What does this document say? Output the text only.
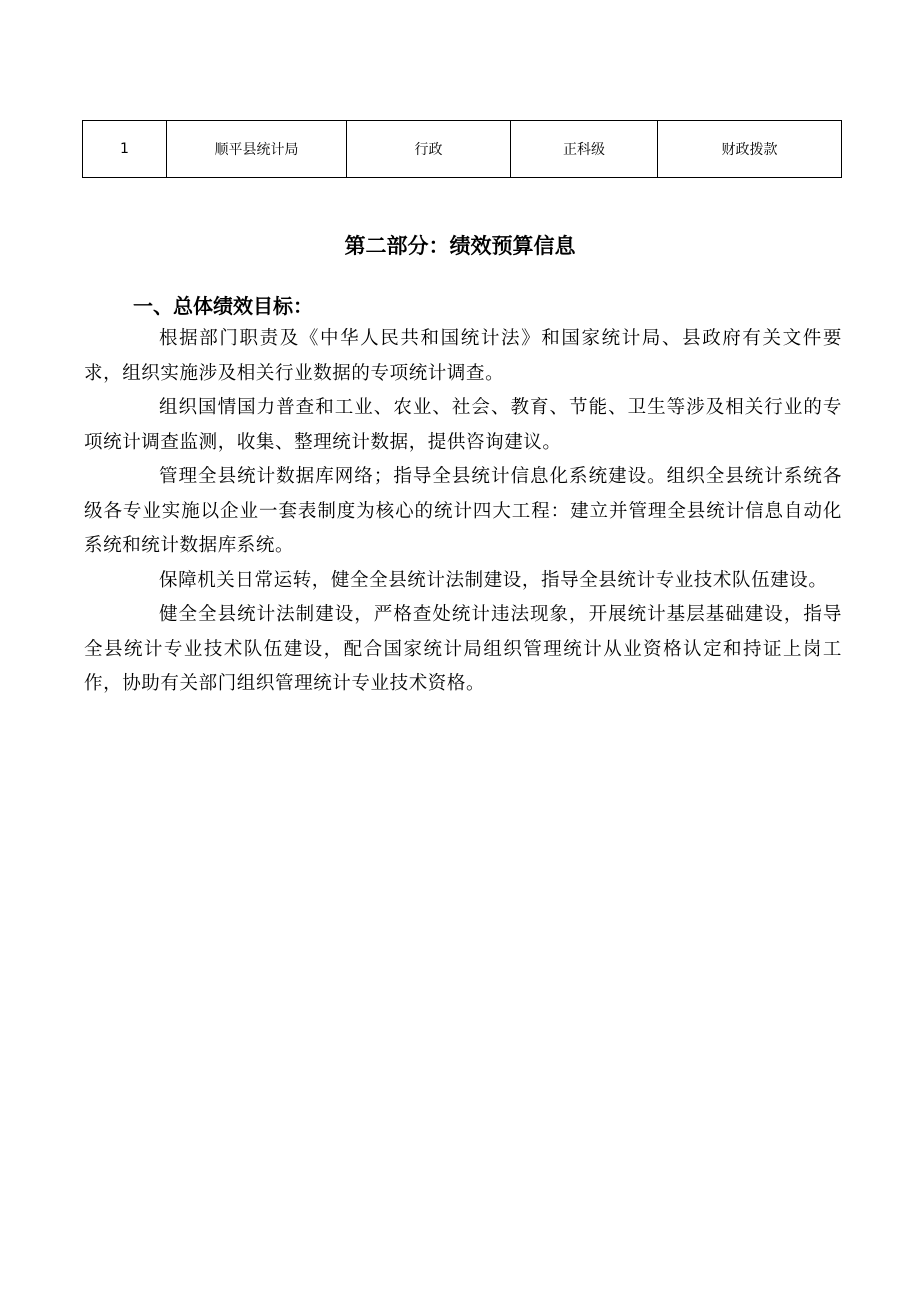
1	顺平县统计局	行政	正科级	财政拨款
第二部分：绩效预算信息
一、总体绩效目标：

根据部门职责及《中华人民共和国统计法》和国家统计局、县政府有关文件要求，组织实施涉及相关行业数据的专项统计调查。

组织国情国力普查和工业、农业、社会、教育、节能、卫生等涉及相关行业的专项统计调查监测，收集、整理统计数据，提供咨询建议。

管理全县统计数据库网络；指导全县统计信息化系统建设。组织全县统计系统各级各专业实施以企业一套表制度为核心的统计四大工程：建立并管理全县统计信息自动化系统和统计数据库系统。

保障机关日常运转，健全全县统计法制建设，指导全县统计专业技术队伍建设。

健全全县统计法制建设，严格查处统计违法现象，开展统计基层基础建设，指导全县统计专业技术队伍建设，配合国家统计局组织管理统计从业资格认定和持证上岗工作，协助有关部门组织管理统计专业技术资格。
